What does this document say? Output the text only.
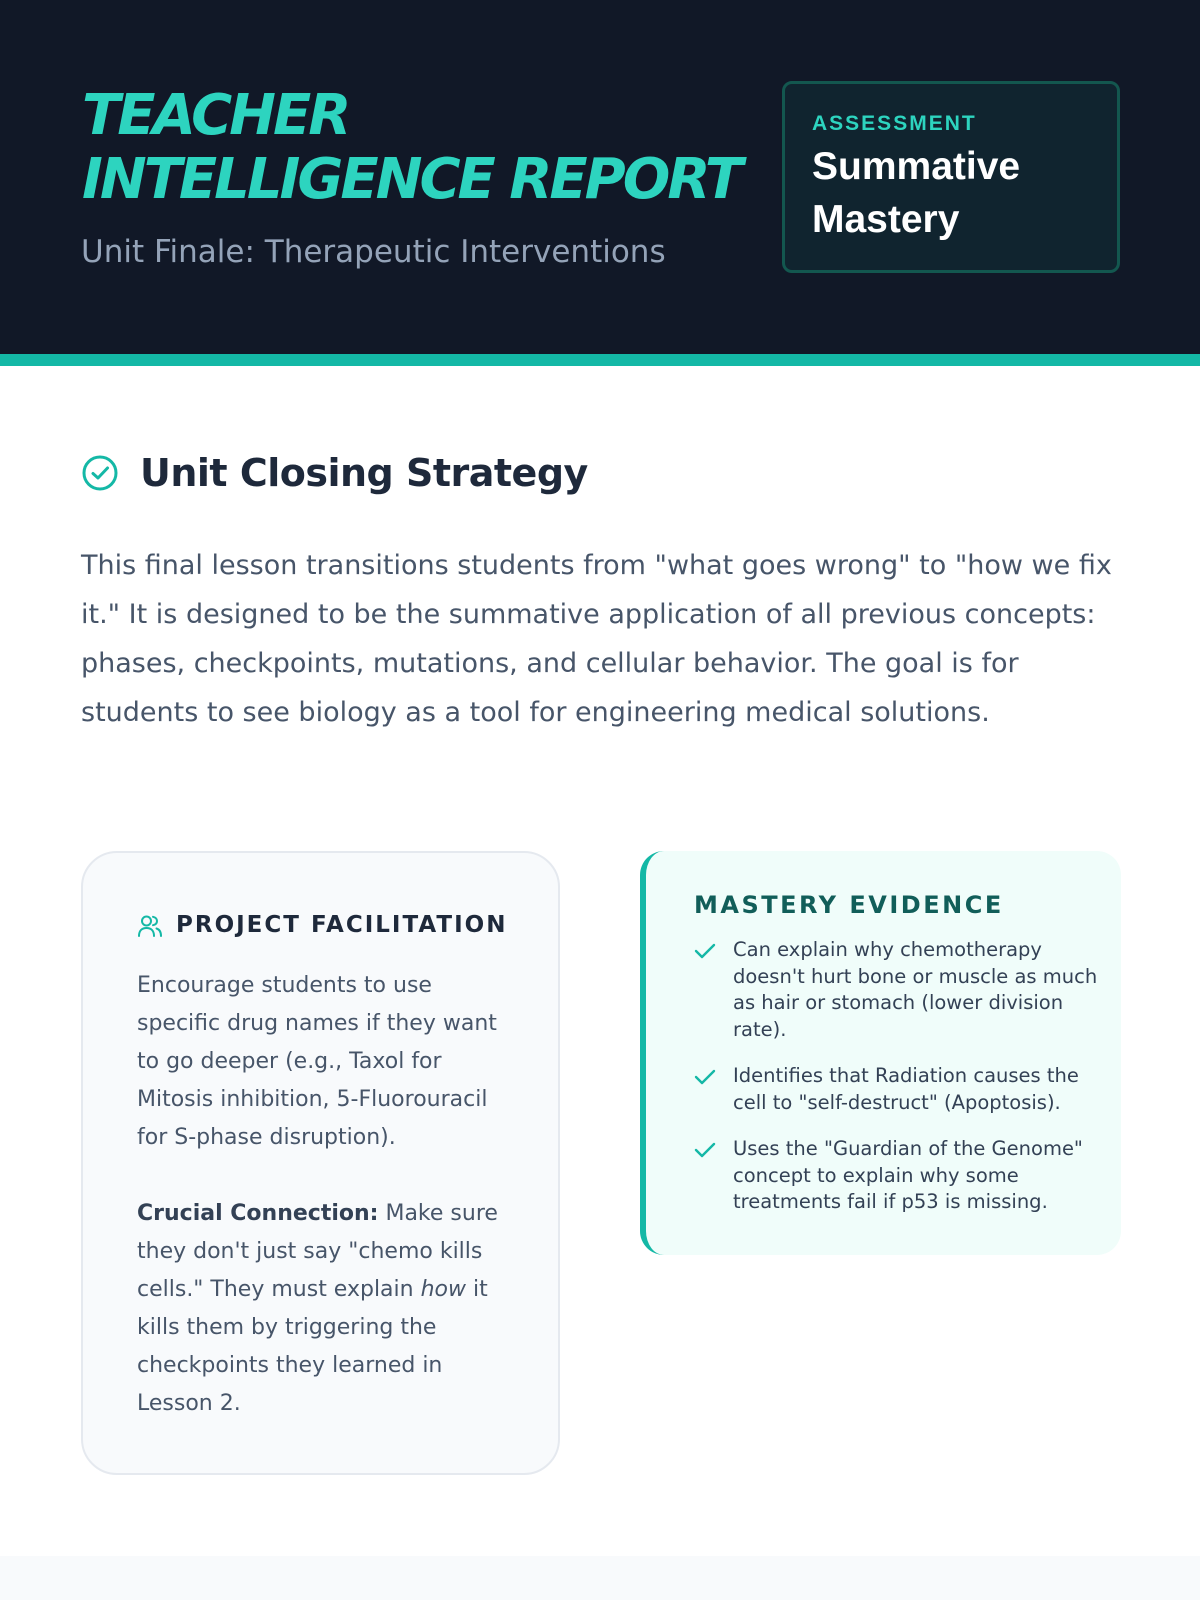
TEACHER
INTELLIGENCE REPORT
Unit Finale: Therapeutic Interventions
ASSESSMENT
Summative Mastery
Unit Closing Strategy

This final lesson transitions students from "what goes wrong" to "how we fix it." It is designed to be the summative application of all previous concepts: phases, checkpoints, mutations, and cellular behavior. The goal is for students to see biology as a tool for engineering medical solutions.

PROJECT FACILITATION

Encourage students to use specific drug names if they want to go deeper (e.g., Taxol for Mitosis inhibition, 5-Fluorouracil for S-phase disruption).

Crucial Connection: Make sure they don't just say "chemo kills cells." They must explain how it kills them by triggering the checkpoints they learned in Lesson 2.

MASTERY EVIDENCE
Can explain why chemotherapy doesn't hurt bone or muscle as much as hair or stomach (lower division rate).
Identifies that Radiation causes the cell to "self-destruct" (Apoptosis).
Uses the "Guardian of the Genome" concept to explain why some treatments fail if p53 is missing.
